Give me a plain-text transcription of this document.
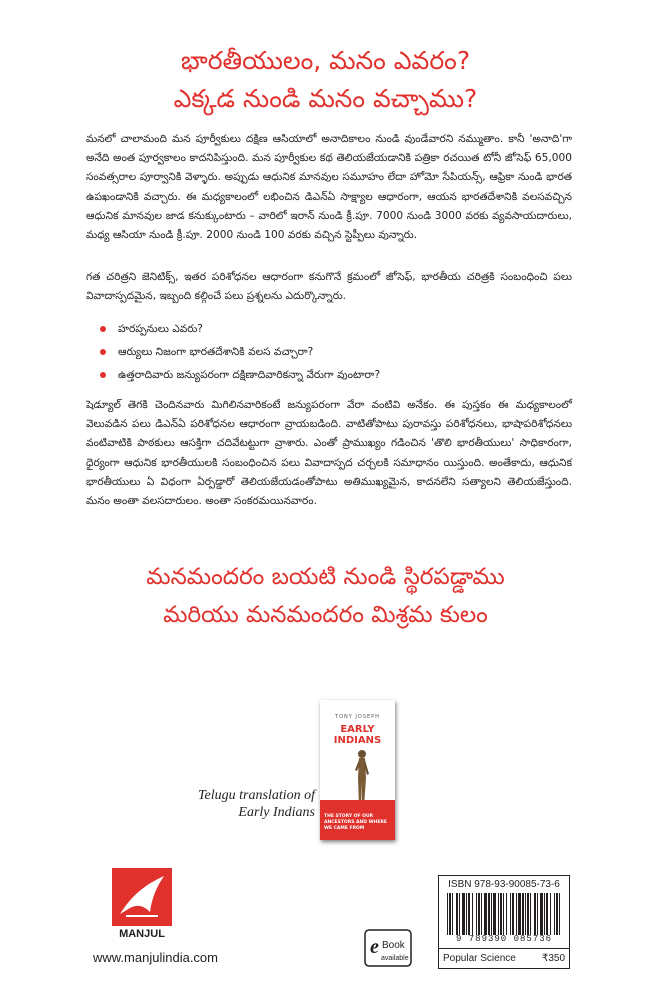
భారతీయులం, మనం ఎవరం?
ఎక్కడ నుండి మనం వచ్చాము?

మనలో చాలామంది మన పూర్వీకులు దక్షిణ ఆసియాలో అనాదికాలం నుండి వుండేవారని నమ్ముతాం. కానీ 'అనాది'గా అనేది అంత పూర్వకాలం కాదనిపిస్తుంది. మన పూర్వీకుల కథ తెలియజేయడానికి పత్రికా రచయిత టోనీ జోసెఫ్ 65,000 సంవత్సరాల పూర్వానికి వెళ్ళారు. అప్పుడు ఆధునిక మానవుల సమూహం లేదా హోమో సేపియన్స్, ఆఫ్రికా నుండి భారత ఉపఖండానికి వచ్చారు. ఈ మధ్యకాలంలో లభించిన డిఎన్ఏ సాక్ష్యాల ఆధారంగా, ఆయన భారతదేశానికి వలసవచ్చిన ఆధునిక మానవుల జాడ కనుక్కుంటారు – వారిలో ఇరాన్ నుండి క్రీ.పూ. 7000 నుండి 3000 వరకు వ్యవసాయదారులు, మధ్య ఆసియా నుండి క్రీ.పూ. 2000 నుండి 100 వరకు వచ్చిన స్టెప్పీలు వున్నారు.

గత చరిత్రని జెనిటిక్స్, ఇతర పరిశోధనల ఆధారంగా కనుగొనే క్రమంలో జోసెఫ్, భారతీయ చరిత్రకి సంబంధించి పలు వివాదాస్పదమైన, ఇబ్బంది కల్గించే పలు ప్రశ్నలను ఎదుర్కొన్నారు.

హరప్పనులు ఎవరు?
ఆర్యులు నిజంగా భారతదేశానికి వలస వచ్చారా?
ఉత్తరాదివారు జన్యుపరంగా దక్షిణాదివారికన్నా వేరుగా వుంటారా?

షెడ్యూల్ తెగకి చెందినవారు మిగిలినవారికంటే జన్యుపరంగా వేరా వంటివి అనేకం. ఈ పుస్తకం ఈ మధ్యకాలంలో వెలువడిన పలు డిఎన్ఏ పరిశోధనల ఆధారంగా వ్రాయబడింది. వాటితోపాటు పురావస్తు పరిశోధనలు, భాషాపరిశోధనలు వంటివాటికి పాఠకులు ఆసక్తిగా చదివేటట్టుగా వ్రాశారు. ఎంతో ప్రాముఖ్యం గడించిన 'తొలి భారతీయులు' సాధికారంగా, ధైర్యంగా ఆధునిక భారతీయులకి సంబంధించిన పలు వివాదాస్పద చర్చలకి సమాధానం యిస్తుంది. అంతేకాదు, ఆధునిక భారతీయులు ఏ విధంగా ఏర్పడ్డారో తెలియజేయడంతోపాటు అతిముఖ్యమైన, కాదనలేని సత్యాలని తెలియజేస్తుంది. మనం అంతా వలసదారులం. అంతా సంకరమయినవారం.

మనమందరం బయటి నుండి స్థిరపడ్డాము
మరియు మనమందరం మిశ్రమ కులం
Telugu translation of
Early Indians
TONY JOSEPH
EARLY
INDIANS
THE STORY OF OUR ANCESTORS AND WHERE WE CAME FROM
MANJUL
www.manjulindia.com	e Book
available
ISBN 978-93-90085-73-6
9 789390 085736
Popular Science	₹350
